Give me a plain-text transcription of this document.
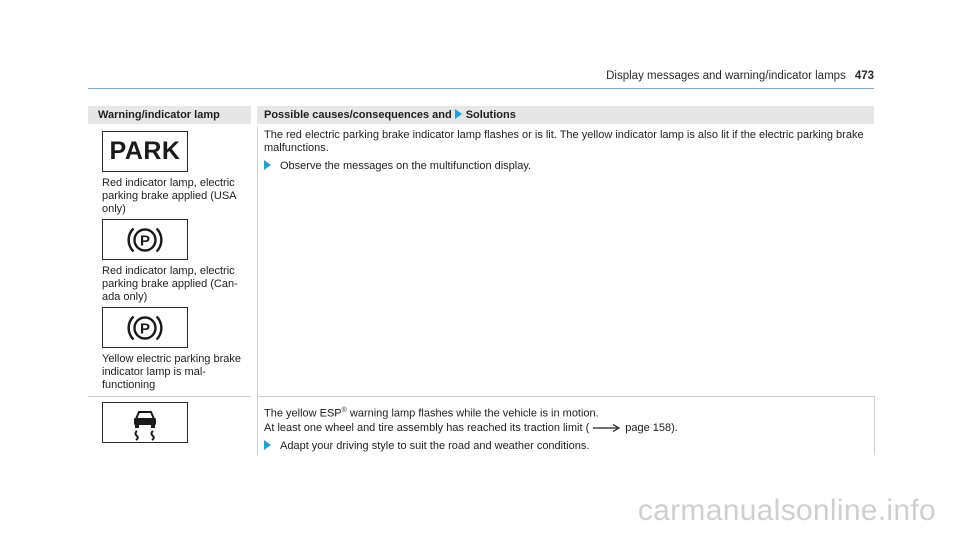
Display messages and warning/indicator lamps 473
Warning/indicator lamp	Possible causes/consequences and Solutions
PARK
Red indicator lamp, electric parking brake applied (USA only)
P
Red indicator lamp, electric parking brake applied (Can- ada only)
P
Yellow electric parking brake indicator lamp is mal- functioning
The red electric parking brake indicator lamp flashes or is lit. The yellow indicator lamp is also lit if the electric parking brake malfunctions.
Observe the messages on the multifunction display.
The yellow ESP® warning lamp flashes while the vehicle is in motion.
At least one wheel and tire assembly has reached its traction limit (	page 158).
Adapt your driving style to suit the road and weather conditions.
carmanualsonline.info
